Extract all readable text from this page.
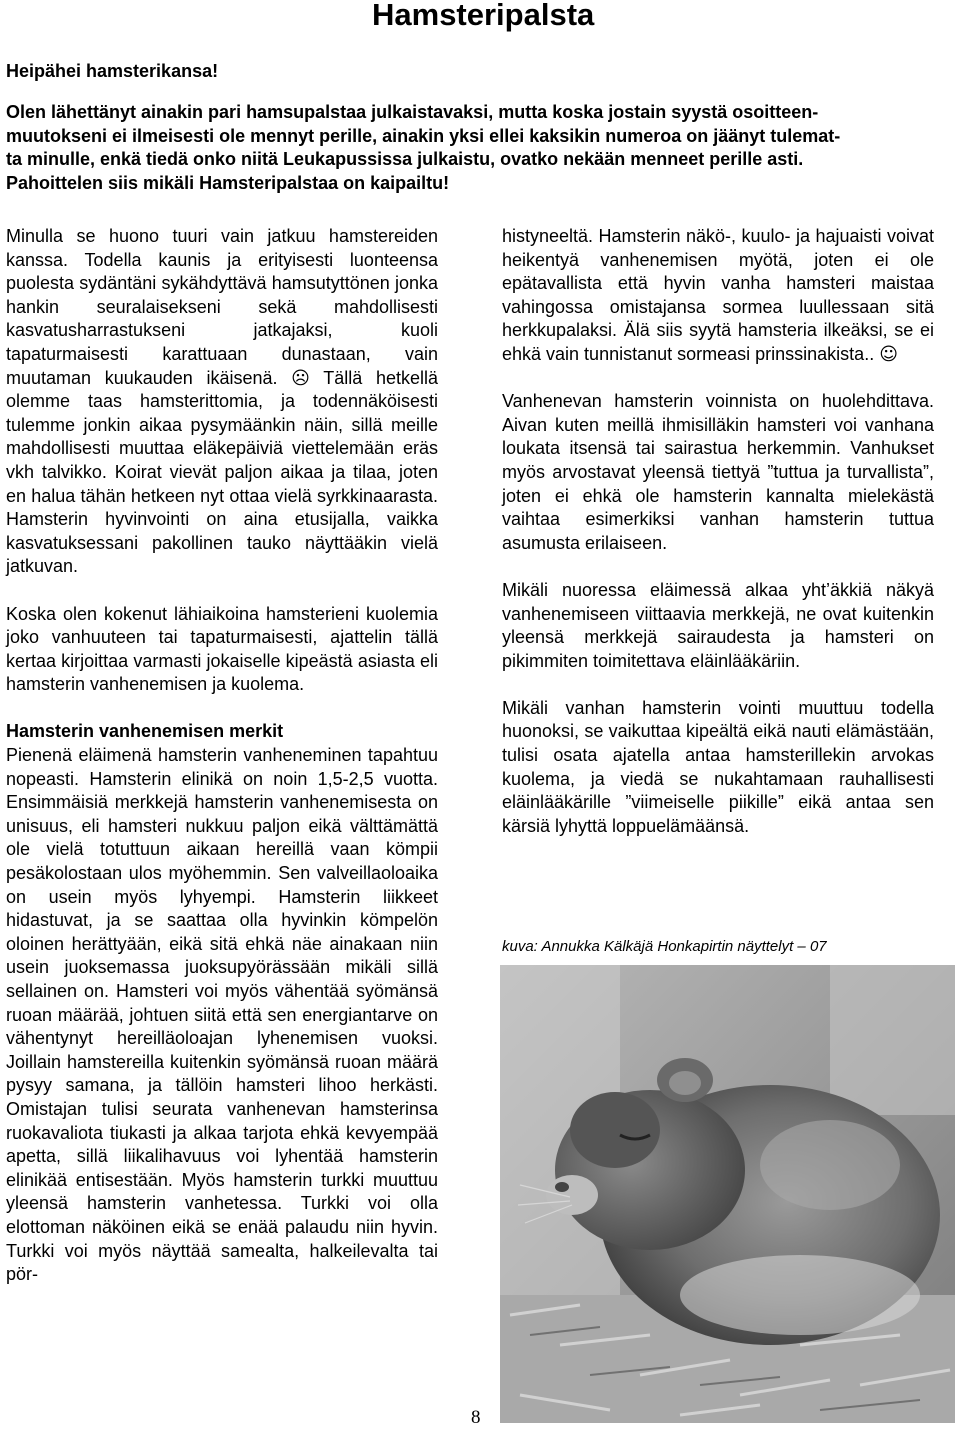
Hamsteripalsta

Heipähei hamsterikansa!

Olen lähettänyt ainakin pari hamsupalstaa julkaistavaksi, mutta koska jostain syystä osoitteen-
muutokseni ei ilmeisesti ole mennyt perille, ainakin yksi ellei kaksikin numeroa on jäänyt tulemat-
ta minulle, enkä tiedä onko niitä Leukapussissa julkaistu, ovatko nekään menneet perille asti.
Pahoittelen siis mikäli Hamsteripalstaa on kaipailtu!

Minulla se huono tuuri vain jatkuu hamstereiden kanssa. Todella kaunis ja erityisesti luonteensa puolesta sydäntäni sykähdyttävä hamsutyttönen jonka hankin seuralaisekseni sekä mahdollisesti kasvatusharrastukseni jatkajaksi, kuoli tapaturmaisesti karattuaan dunastaan, vain muutaman kuukauden ikäisenä. ☹ Tällä hetkellä olemme taas hamsterittomia, ja todennäköisesti tulemme jonkin aikaa pysymäänkin näin, sillä meille mahdollisesti muuttaa eläkepäiviä viettelemään eräs vkh talvikko. Koirat vievät paljon aikaa ja tilaa, joten en halua tähän hetkeen nyt ottaa vielä syrkkinaarasta. Hamsterin hyvinvointi on aina etusijalla, vaikka kasvatuksessani pakollinen tauko näyttääkin vielä jatkuvan.

Koska olen kokenut lähiaikoina hamsterieni kuolemia joko vanhuuteen tai tapaturmaisesti, ajattelin tällä kertaa kirjoittaa varmasti jokaiselle kipeästä asiasta eli hamsterin vanhenemisen ja kuolema.

Hamsterin vanhenemisen merkit

Pienenä eläimenä hamsterin vanheneminen tapahtuu nopeasti. Hamsterin elinikä on noin 1,5-2,5 vuotta. Ensimmäisiä merkkejä hamsterin vanhenemisesta on unisuus, eli hamsteri nukkuu paljon eikä välttämättä ole vielä totuttuun aikaan hereillä vaan kömpii pesäkolostaan ulos myöhemmin. Sen valveillaoloaika on usein myös lyhyempi. Hamsterin liikkeet hidastuvat, ja se saattaa olla hyvinkin kömpelön oloinen herättyään, eikä sitä ehkä näe ainakaan niin usein juoksemassa juoksupyörässään mikäli sillä sellainen on. Hamsteri voi myös vähentää syömänsä ruoan määrää, johtuen siitä että sen energiantarve on vähentynyt hereilläoloajan lyhenemisen vuoksi. Joillain hamstereilla kuitenkin syömänsä ruoan määrä pysyy samana, ja tällöin hamsteri lihoo herkästi. Omistajan tulisi seurata vanhenevan hamsterinsa ruokavaliota tiukasti ja alkaa tarjota ehkä kevyempää apetta, sillä liikalihavuus voi lyhentää hamsterin elinikää entisestään. Myös hamsterin turkki muuttuu yleensä hamsterin vanhetessa. Turkki voi olla elottoman näköinen eikä se enää palaudu niin hyvin. Turkki voi myös näyttää samealta, halkeilevalta tai pör-

histyneeltä. Hamsterin näkö-, kuulo- ja hajuaisti voivat heikentyä vanhenemisen myötä, joten ei ole epätavallista että hyvin vanha hamsteri maistaa vahingossa omistajansa sormea luullessaan sitä herkkupalaksi. Älä siis syytä hamsteria ilkeäksi, se ei ehkä vain tunnistanut sormeasi prinssinakista.. ☺

Vanhenevan hamsterin voinnista on huolehdittava. Aivan kuten meillä ihmisilläkin hamsteri voi vanhana loukata itsensä tai sairastua herkemmin. Vanhukset myös arvostavat yleensä tiettyä ”tuttua ja turvallista”, joten ei ehkä ole hamsterin kannalta mielekästä vaihtaa esimerkiksi vanhan hamsterin tuttua asumusta erilaiseen.

Mikäli nuoressa eläimessä alkaa yht’äkkiä näkyä vanhenemiseen viittaavia merkkejä, ne ovat kuitenkin yleensä merkkejä sairaudesta ja hamsteri on pikimmiten toimitettava eläinlääkäriin.

Mikäli vanhan hamsterin vointi muuttuu todella huonoksi, se vaikuttaa kipeältä eikä nauti elämästään, tulisi osata ajatella antaa hamsterillekin arvokas kuolema, ja viedä se nukahtamaan rauhallisesti eläinlääkärille ”viimeiselle piikille” eikä antaa sen kärsiä lyhyttä loppuelämäänsä.

kuva: Annukka Kälkäjä Honkapirtin näyttelyt – 07

8
